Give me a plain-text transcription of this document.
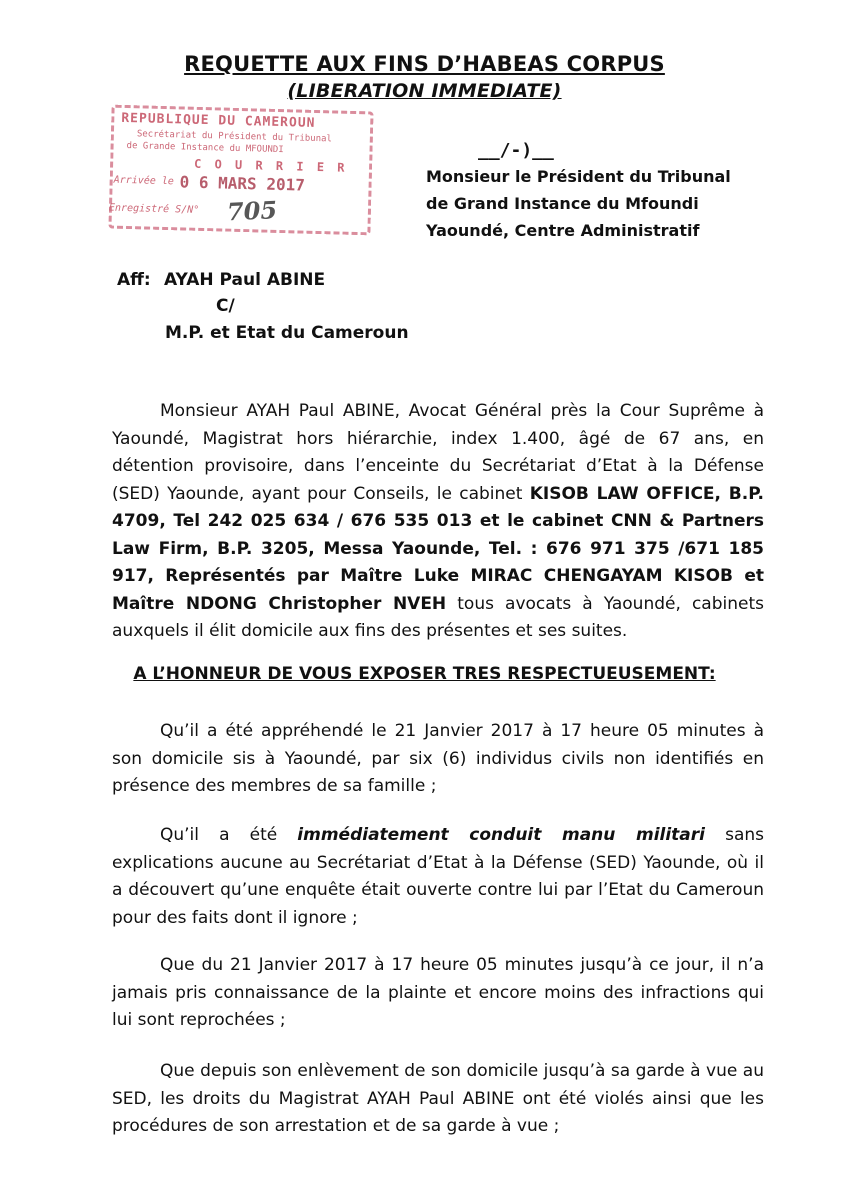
REQUETTE AUX FINS D’HABEAS CORPUS
(LIBERATION IMMEDIATE)
REPUBLIQUE DU CAMEROUN
Secrétariat du Président du Tribunal
de Grande Instance du MFOUNDI
C O U R R I E R
Arrivée le 0 6 MARS 2017
Enregistré S/N° 705
__/-)__
Monsieur le Président du Tribunal
de Grand Instance du Mfoundi
Yaoundé, Centre Administratif
Aff: AYAH Paul ABINE
C/
M.P. et Etat du Cameroun
Monsieur AYAH Paul ABINE, Avocat Général près la Cour Suprême à Yaoundé, Magistrat hors hiérarchie, index 1.400, âgé de 67 ans, en détention provisoire, dans l’enceinte du Secrétariat d’Etat à la Défense (SED) Yaounde, ayant pour Conseils, le cabinet KISOB LAW OFFICE, B.P. 4709, Tel 242 025 634 / 676 535 013 et le cabinet CNN & Partners Law Firm, B.P. 3205, Messa Yaounde, Tel. : 676 971 375 /671 185 917, Représentés par Maître Luke MIRAC CHENGAYAM KISOB et Maître NDONG Christopher NVEH tous avocats à Yaoundé, cabinets auxquels il élit domicile aux fins des présentes et ses suites.
A L’HONNEUR DE VOUS EXPOSER TRES RESPECTUEUSEMENT:
Qu’il a été appréhendé le 21 Janvier 2017 à 17 heure 05 minutes à son domicile sis à Yaoundé, par six (6) individus civils non identifiés en présence des membres de sa famille ;
Qu’il a été immédiatement conduit manu militari sans explications aucune au Secrétariat d’Etat à la Défense (SED) Yaounde, où il a découvert qu’une enquête était ouverte contre lui par l’Etat du Cameroun pour des faits dont il ignore ;
Que du 21 Janvier 2017 à 17 heure 05 minutes jusqu’à ce jour, il n’a jamais pris connaissance de la plainte et encore moins des infractions qui lui sont reprochées ;
Que depuis son enlèvement de son domicile jusqu’à sa garde à vue au SED, les droits du Magistrat AYAH Paul ABINE ont été violés ainsi que les procédures de son arrestation et de sa garde à vue ;
